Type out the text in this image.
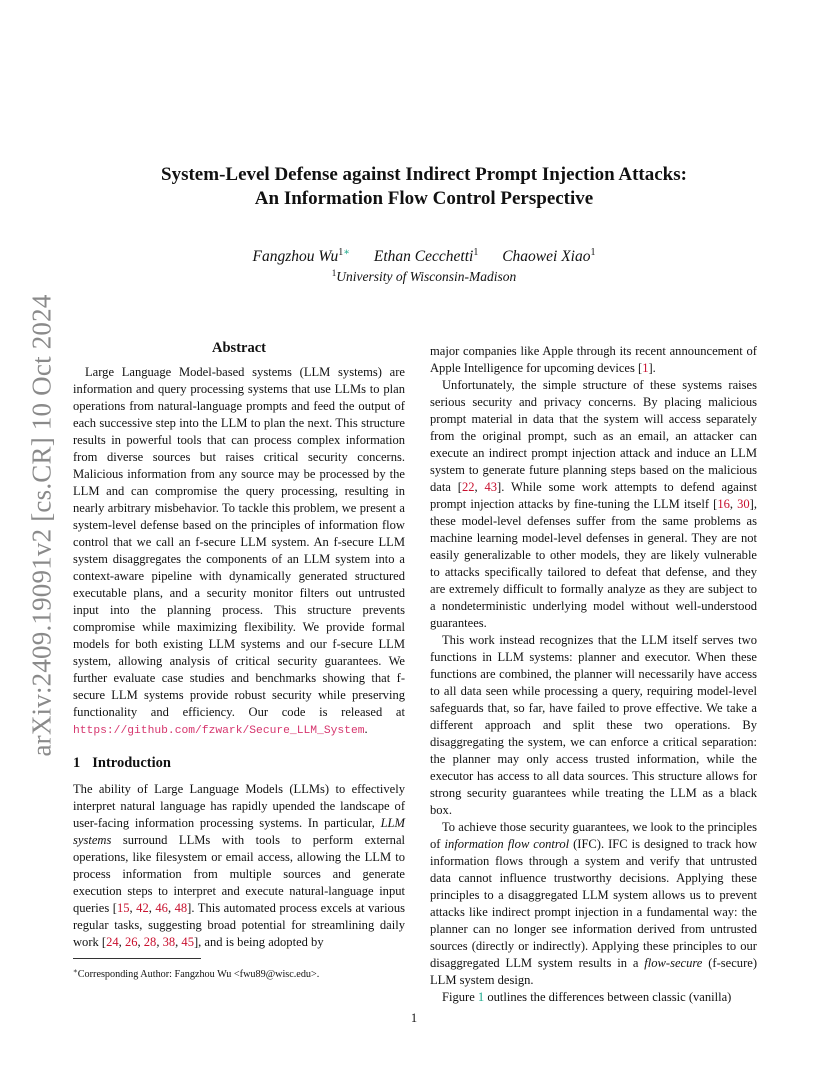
arXiv:2409.19091v2 [cs.CR] 10 Oct 2024
System-Level Defense against Indirect Prompt Injection Attacks:
An Information Flow Control Perspective
Fangzhou $Wu^{1∗}$ Ethan Cecchetti$^1$ Chaowei Xiao$^1$
$^1$University of Wisconsin-Madison
Abstract

Large Language Model-based systems (LLM systems) are information and query processing systems that use LLMs to plan operations from natural-language prompts and feed the output of each successive step into the LLM to plan the next. This structure results in powerful tools that can process complex information from diverse sources but raises critical security concerns. Malicious information from any source may be processed by the LLM and can compromise the query processing, resulting in nearly arbitrary misbehavior. To tackle this problem, we present a system-level defense based on the principles of information flow control that we call an f-secure LLM system. An f-secure LLM system disaggregates the components of an LLM system into a context-aware pipeline with dynamically generated structured executable plans, and a security monitor filters out untrusted input into the planning process. This structure prevents compromise while maximizing flexibility. We provide formal models for both existing LLM systems and our f-secure LLM system, allowing analysis of critical security guarantees. We further evaluate case studies and benchmarks showing that f-secure LLM systems provide robust security while preserving functionality and efficiency. Our code is released at https://github.com/fzwark/Secure_LLM_System.

1 Introduction

The ability of Large Language Models (LLMs) to effectively interpret natural language has rapidly upended the landscape of user-facing information processing systems. In particular, LLM systems surround LLMs with tools to perform external operations, like filesystem or email access, allowing the LLM to process information from multiple sources and generate execution steps to interpret and execute natural-language input queries [15, 42, 46, 48]. This automated process excels at various regular tasks, suggesting broad potential for streamlining daily work [24, 26, 28, 38, 45], and is being adopted by

major companies like Apple through its recent announcement of Apple Intelligence for upcoming devices [1].

Unfortunately, the simple structure of these systems raises serious security and privacy concerns. By placing malicious prompt material in data that the system will access separately from the original prompt, such as an email, an attacker can execute an indirect prompt injection attack and induce an LLM system to generate future planning steps based on the malicious data [22, 43]. While some work attempts to defend against prompt injection attacks by fine-tuning the LLM itself [16, 30], these model-level defenses suffer from the same problems as machine learning model-level defenses in general. They are not easily generalizable to other models, they are likely vulnerable to attacks specifically tailored to defeat that defense, and they are extremely difficult to formally analyze as they are subject to a nondeterministic underlying model without well-understood guarantees.

This work instead recognizes that the LLM itself serves two functions in LLM systems: planner and executor. When these functions are combined, the planner will necessarily have access to all data seen while processing a query, requiring model-level safeguards that, so far, have failed to prove effective. We take a different approach and split these two operations. By disaggregating the system, we can enforce a critical separation: the planner may only access trusted information, while the executor has access to all data sources. This structure allows for strong security guarantees while treating the LLM as a black box.

To achieve those security guarantees, we look to the principles of information flow control (IFC). IFC is designed to track how information flows through a system and verify that untrusted data cannot influence trustworthy decisions. Applying these principles to a disaggregated LLM system allows us to prevent attacks like indirect prompt injection in a fundamental way: the planner can no longer see information derived from untrusted sources (directly or indirectly). Applying these principles to our disaggregated LLM system results in a flow-secure (f-secure) LLM system design.

Figure 1 outlines the differences between classic (vanilla)

∗Corresponding Author: Fangzhou Wu <fwu89@wisc.edu>.
1
